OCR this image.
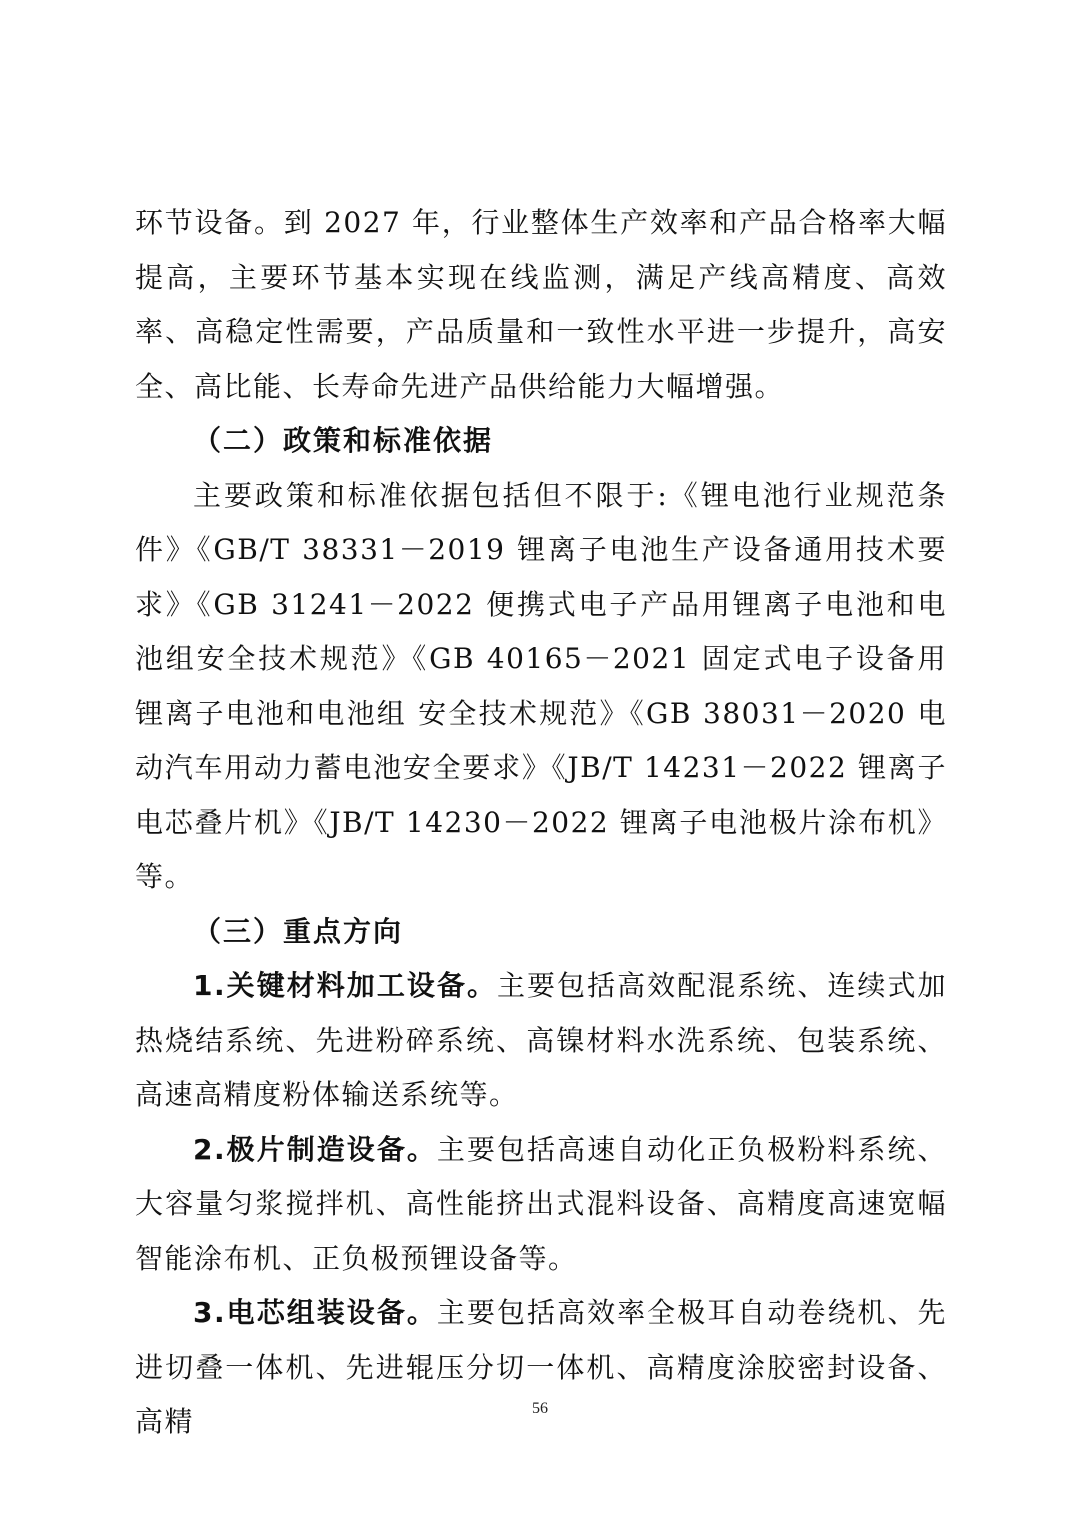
环节设备。到 2027 年，行业整体生产效率和产品合格率大幅提高，主要环节基本实现在线监测，满足产线高精度、高效率、高稳定性需要，产品质量和一致性水平进一步提升，高安全、高比能、长寿命先进产品供给能力大幅增强。

（二）政策和标准依据

主要政策和标准依据包括但不限于:《锂电池行业规范条件》《GB/T 38331－2019 锂离子电池生产设备通用技术要求》《GB 31241－2022 便携式电子产品用锂离子电池和电池组安全技术规范》《GB 40165－2021 固定式电子设备用锂离子电池和电池组 安全技术规范》《GB 38031－2020 电动汽车用动力蓄电池安全要求》《JB/T 14231－2022 锂离子电芯叠片机》《JB/T 14230－2022 锂离子电池极片涂布机》等。

（三）重点方向

1.关键材料加工设备。主要包括高效配混系统、连续式加热烧结系统、先进粉碎系统、高镍材料水洗系统、包装系统、高速高精度粉体输送系统等。

2.极片制造设备。主要包括高速自动化正负极粉料系统、大容量匀浆搅拌机、高性能挤出式混料设备、高精度高速宽幅智能涂布机、正负极预锂设备等。

3.电芯组装设备。主要包括高效率全极耳自动卷绕机、先进切叠一体机、先进辊压分切一体机、高精度涂胶密封设备、高精	56
